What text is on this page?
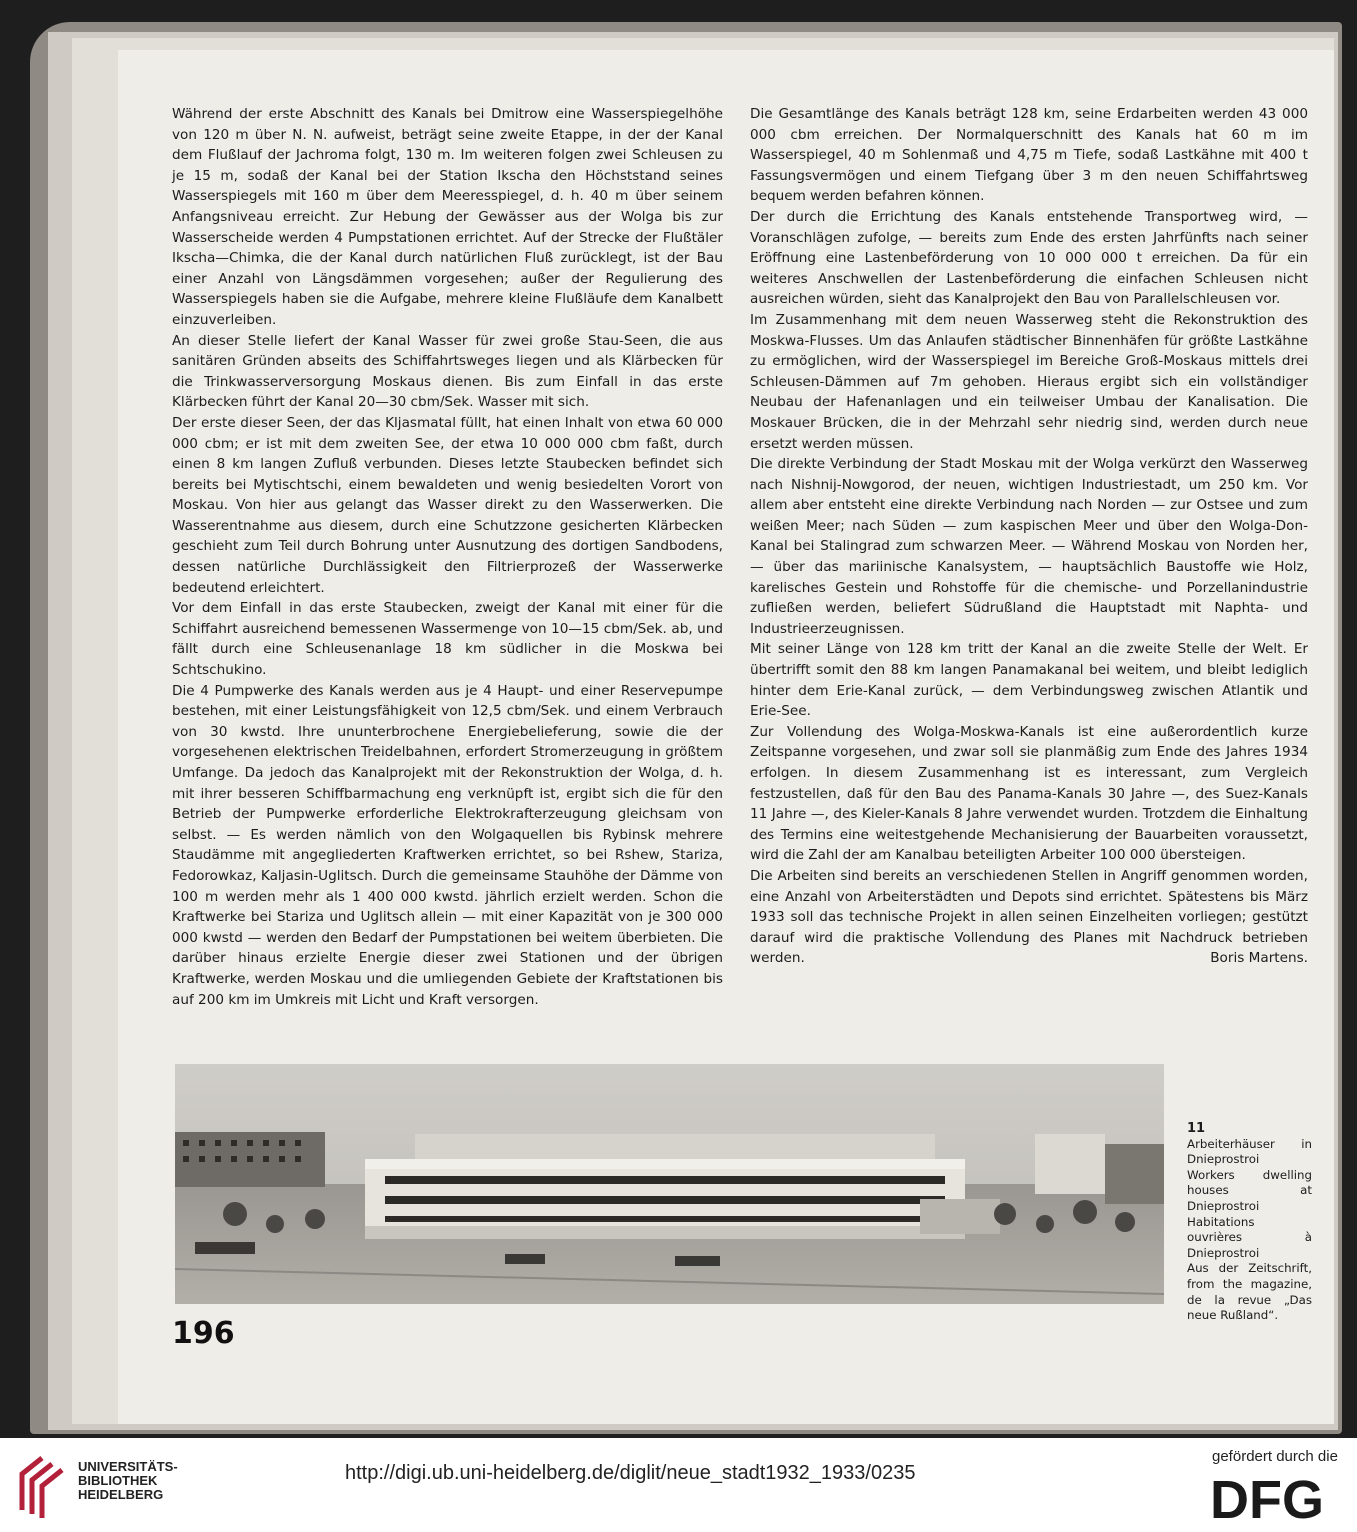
Während der erste Abschnitt des Kanals bei Dmitrow eine Wasserspiegelhöhe von 120 m über N. N. aufweist, beträgt seine zweite Etappe, in der der Kanal dem Flußlauf der Jachroma folgt, 130 m. Im weiteren folgen zwei Schleusen zu je 15 m, sodaß der Kanal bei der Station Ikscha den Höchststand seines Wasserspiegels mit 160 m über dem Meeresspiegel, d. h. 40 m über seinem Anfangsniveau erreicht. Zur Hebung der Gewässer aus der Wolga bis zur Wasserscheide werden 4 Pumpstationen errichtet. Auf der Strecke der Flußtäler Ikscha—Chimka, die der Kanal durch natürlichen Fluß zurücklegt, ist der Bau einer Anzahl von Längsdämmen vorgesehen; außer der Regulierung des Wasserspiegels haben sie die Aufgabe, mehrere kleine Flußläufe dem Kanalbett einzuverleiben.

An dieser Stelle liefert der Kanal Wasser für zwei große Stau-Seen, die aus sanitären Gründen abseits des Schiffahrtsweges liegen und als Klärbecken für die Trinkwasserversorgung Moskaus dienen. Bis zum Einfall in das erste Klärbecken führt der Kanal 20—30 cbm/Sek. Wasser mit sich.

Der erste dieser Seen, der das Kljasmatal füllt, hat einen Inhalt von etwa 60 000 000 cbm; er ist mit dem zweiten See, der etwa 10 000 000 cbm faßt, durch einen 8 km langen Zufluß verbunden. Dieses letzte Staubecken befindet sich bereits bei Mytischtschi, einem bewaldeten und wenig besiedelten Vorort von Moskau. Von hier aus gelangt das Wasser direkt zu den Wasserwerken. Die Wasserentnahme aus diesem, durch eine Schutzzone gesicherten Klärbecken geschieht zum Teil durch Bohrung unter Ausnutzung des dortigen Sandbodens, dessen natürliche Durchlässigkeit den Filtrierprozeß der Wasserwerke bedeutend erleichtert.

Vor dem Einfall in das erste Staubecken, zweigt der Kanal mit einer für die Schiffahrt ausreichend bemessenen Wassermenge von 10—15 cbm/Sek. ab, und fällt durch eine Schleusenanlage 18 km südlicher in die Moskwa bei Schtschukino.

Die 4 Pumpwerke des Kanals werden aus je 4 Haupt- und einer Reservepumpe bestehen, mit einer Leistungsfähigkeit von 12,5 cbm/Sek. und einem Verbrauch von 30 kwstd. Ihre ununterbrochene Energiebelieferung, sowie die der vorgesehenen elektrischen Treidelbahnen, erfordert Stromerzeugung in größtem Umfange. Da jedoch das Kanalprojekt mit der Rekonstruktion der Wolga, d. h. mit ihrer besseren Schiffbarmachung eng verknüpft ist, ergibt sich die für den Betrieb der Pumpwerke erforderliche Elektrokrafterzeugung gleichsam von selbst. — Es werden nämlich von den Wolgaquellen bis Rybinsk mehrere Staudämme mit angegliederten Kraftwerken errichtet, so bei Rshew, Stariza, Fedorowkaz, Kaljasin-Uglitsch. Durch die gemeinsame Stauhöhe der Dämme von 100 m werden mehr als 1 400 000 kwstd. jährlich erzielt werden. Schon die Kraftwerke bei Stariza und Uglitsch allein — mit einer Kapazität von je 300 000 000 kwstd — werden den Bedarf der Pumpstationen bei weitem überbieten. Die darüber hinaus erzielte Energie dieser zwei Stationen und der übrigen Kraftwerke, werden Moskau und die umliegenden Gebiete der Kraftstationen bis auf 200 km im Umkreis mit Licht und Kraft versorgen.

Die Gesamtlänge des Kanals beträgt 128 km, seine Erdarbeiten werden 43 000 000 cbm erreichen. Der Normalquerschnitt des Kanals hat 60 m im Wasserspiegel, 40 m Sohlenmaß und 4,75 m Tiefe, sodaß Lastkähne mit 400 t Fassungsvermögen und einem Tiefgang über 3 m den neuen Schiffahrtsweg bequem werden befahren können.

Der durch die Errichtung des Kanals entstehende Transportweg wird, — Voranschlägen zufolge, — bereits zum Ende des ersten Jahrfünfts nach seiner Eröffnung eine Lastenbeförderung von 10 000 000 t erreichen. Da für ein weiteres Anschwellen der Lastenbeförderung die einfachen Schleusen nicht ausreichen würden, sieht das Kanalprojekt den Bau von Parallelschleusen vor.

Im Zusammenhang mit dem neuen Wasserweg steht die Rekonstruktion des Moskwa-Flusses. Um das Anlaufen städtischer Binnenhäfen für größte Lastkähne zu ermöglichen, wird der Wasserspiegel im Bereiche Groß-Moskaus mittels drei Schleusen-Dämmen auf 7m gehoben. Hieraus ergibt sich ein vollständiger Neubau der Hafenanlagen und ein teilweiser Umbau der Kanalisation. Die Moskauer Brücken, die in der Mehrzahl sehr niedrig sind, werden durch neue ersetzt werden müssen.

Die direkte Verbindung der Stadt Moskau mit der Wolga verkürzt den Wasserweg nach Nishnij-Nowgorod, der neuen, wichtigen Industriestadt, um 250 km. Vor allem aber entsteht eine direkte Verbindung nach Norden — zur Ostsee und zum weißen Meer; nach Süden — zum kaspischen Meer und über den Wolga-Don-Kanal bei Stalingrad zum schwarzen Meer. — Während Moskau von Norden her, — über das mariinische Kanalsystem, — hauptsächlich Baustoffe wie Holz, karelisches Gestein und Rohstoffe für die chemische- und Porzellanindustrie zufließen werden, beliefert Südrußland die Hauptstadt mit Naphta- und Industrieerzeugnissen.

Mit seiner Länge von 128 km tritt der Kanal an die zweite Stelle der Welt. Er übertrifft somit den 88 km langen Panamakanal bei weitem, und bleibt lediglich hinter dem Erie-Kanal zurück, — dem Verbindungsweg zwischen Atlantik und Erie-See.

Zur Vollendung des Wolga-Moskwa-Kanals ist eine außerordentlich kurze Zeitspanne vorgesehen, und zwar soll sie planmäßig zum Ende des Jahres 1934 erfolgen. In diesem Zusammenhang ist es interessant, zum Vergleich festzustellen, daß für den Bau des Panama-Kanals 30 Jahre —, des Suez-Kanals 11 Jahre —, des Kieler-Kanals 8 Jahre verwendet wurden. Trotzdem die Einhaltung des Termins eine weitestgehende Mechanisierung der Bauarbeiten voraussetzt, wird die Zahl der am Kanalbau beteiligten Arbeiter 100 000 übersteigen.

Die Arbeiten sind bereits an verschiedenen Stellen in Angriff genommen worden, eine Anzahl von Arbeiterstädten und Depots sind errichtet. Spätestens bis März 1933 soll das technische Projekt in allen seinen Einzelheiten vorliegen; gestützt darauf wird die praktische Vollendung des Planes mit Nachdruck betrieben werden.	Boris Martens.

11
Arbeiterhäuser in Dnieprostroi
Workers dwelling houses at Dnieprostroi
Habitations ouvrières à Dnieprostroi
Aus der Zeitschrift, from the magazine, de la revue „Das neue Rußland“.
196
UNIVERSITÄTS-
BIBLIOTHEK
HEIDELBERG
http://digi.ub.uni-heidelberg.de/diglit/neue_stadt1932_1933/0235
gefördert durch die
DFG
